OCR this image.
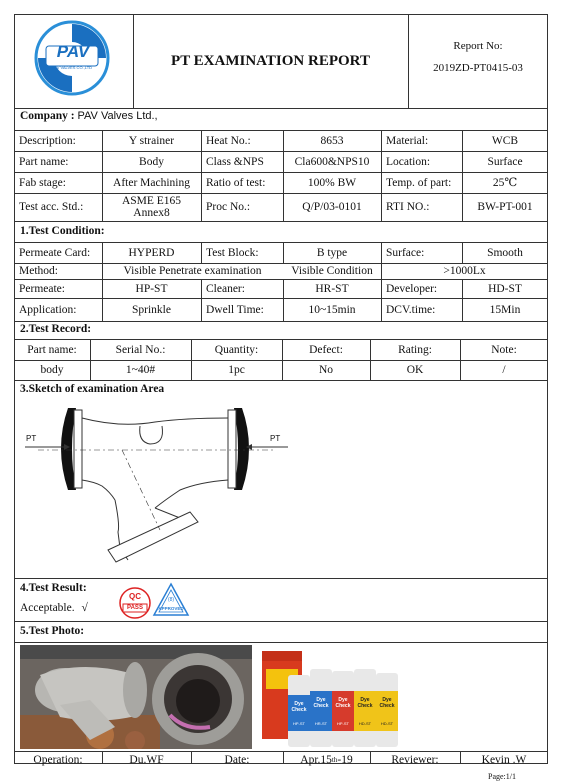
PAV
PAV VALVES CO.,LTD	PT EXAMINATION REPORT
Report No:
2019ZD-PT0415-03
Company : PAV Valves Ltd.,
Description:	Y strainer	Heat No.:	8653	Material:	WCB
Part name:	Body	Class &NPS	Cla600&NPS10	Location:	Surface
Fab stage:	After Machining	Ratio of test:	100% BW	Temp. of part:	25℃
Test acc. Std.:	ASME E165
Annex8	Proc No.:	Q/P/03-0101	RTI NO.:	BW-PT-001
1.Test Condition:
Permeate Card:	HYPERD	Test Block:	B type	Surface:	Smooth
Method:	Visible Penetrate examination	Visible Condition	>1000Lx
Permeate:	HP-ST	Cleaner:	HR-ST	Developer:	HD-ST
Application:	Sprinkle	Dwell Time:	10~15min	DCV.time:	15Min
2.Test Record:
Part name:	Serial No.:	Quantity:	Defect:	Rating:	Note:
body	1~40#	1pc	No	OK	/
3.Sketch of examination Area
PT	PT
4.Test Result:
Acceptable. √
QC
PASS
(8)
APPROVED
5.Test Photo:
Dye Check
Dye Check
Dye Check
Dye Check
Dye Check
HP-ST	HR-ST	HP-ST	HD-ST	HD-ST
Operation:	Du.WF	Date:	Apr.15 th -19	Reviewer:	Kevin .W
Page:1/1
